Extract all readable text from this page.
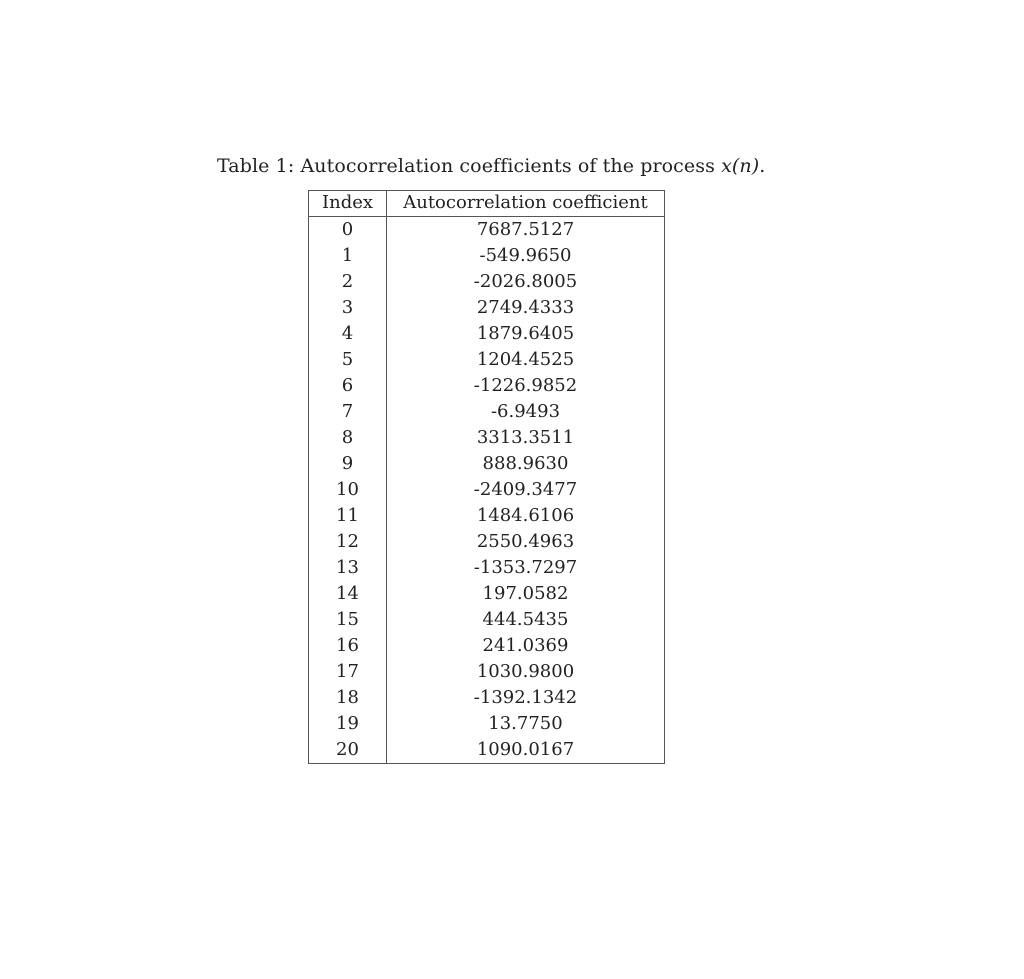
Table 1: Autocorrelation coefficients of the process x(n).
Index	Autocorrelation coefficient
0	7687.5127
1	-549.9650
2	-2026.8005
3	2749.4333
4	1879.6405
5	1204.4525
6	-1226.9852
7	-6.9493
8	3313.3511
9	888.9630
10	-2409.3477
11	1484.6106
12	2550.4963
13	-1353.7297
14	197.0582
15	444.5435
16	241.0369
17	1030.9800
18	-1392.1342
19	13.7750
20	1090.0167
